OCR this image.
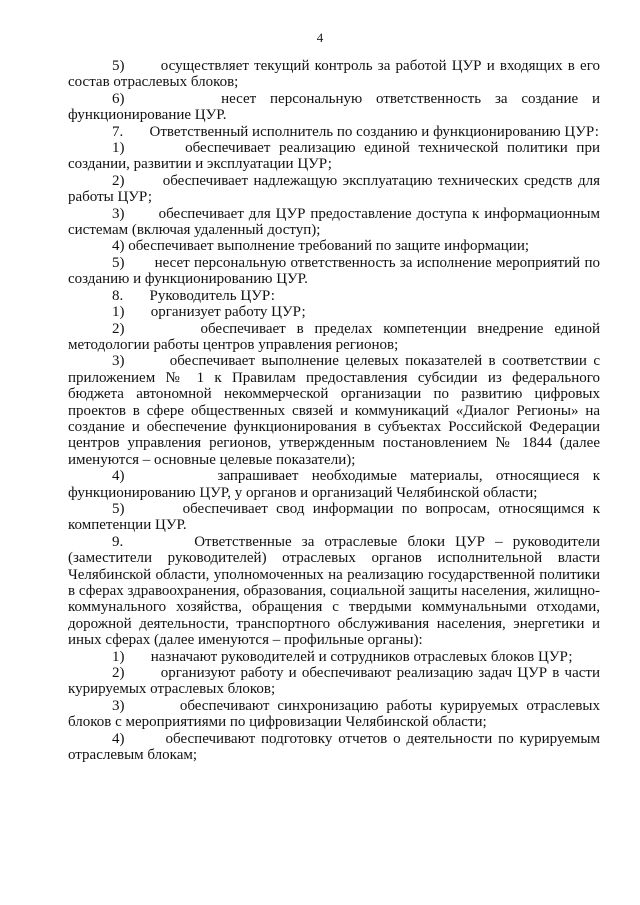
4

5)       осуществляет текущий контроль за работой ЦУР и входящих в его состав отраслевых блоков;

6)       несет персональную ответственность за создание и функционирование ЦУР.

7.       Ответственный исполнитель по созданию и функционированию ЦУР:

1)       обеспечивает реализацию единой технической политики при создании, развитии и эксплуатации ЦУР;

2)       обеспечивает надлежащую эксплуатацию технических средств для работы ЦУР;

3)       обеспечивает для ЦУР предоставление доступа к информационным системам (включая удаленный доступ);

4) обеспечивает выполнение требований по защите информации;

5)       несет персональную ответственность за исполнение мероприятий по созданию и функционированию ЦУР.

8.       Руководитель ЦУР:

1)       организует работу ЦУР;

2)       обеспечивает в пределах компетенции внедрение единой методологии работы центров управления регионов;

3)       обеспечивает выполнение целевых показателей в соответствии с приложением № 1 к Правилам предоставления субсидии из федерального бюджета автономной некоммерческой организации по развитию цифровых проектов в сфере общественных связей и коммуникаций «Диалог Регионы» на создание и обеспечение функционирования в субъектах Российской Федерации центров управления регионов, утвержденным постановлением № 1844 (далее именуются – основные целевые показатели);

4)       запрашивает необходимые материалы, относящиеся к функционированию ЦУР, у органов и организаций Челябинской области;

5)       обеспечивает свод информации по вопросам, относящимся к компетенции ЦУР.

9.       Ответственные за отраслевые блоки ЦУР – руководители (заместители руководителей) отраслевых органов исполнительной власти Челябинской области, уполномоченных на реализацию государственной политики в сферах здравоохранения, образования, социальной защиты населения, жилищно-коммунального хозяйства, обращения с твердыми коммунальными отходами, дорожной деятельности, транспортного обслуживания населения, энергетики и иных сферах (далее именуются – профильные органы):

1)       назначают руководителей и сотрудников отраслевых блоков ЦУР;

2)       организуют работу и обеспечивают реализацию задач ЦУР в части курируемых отраслевых блоков;

3)       обеспечивают синхронизацию работы курируемых отраслевых блоков с мероприятиями по цифровизации Челябинской области;

4)       обеспечивают подготовку отчетов о деятельности по курируемым отраслевым блокам;
